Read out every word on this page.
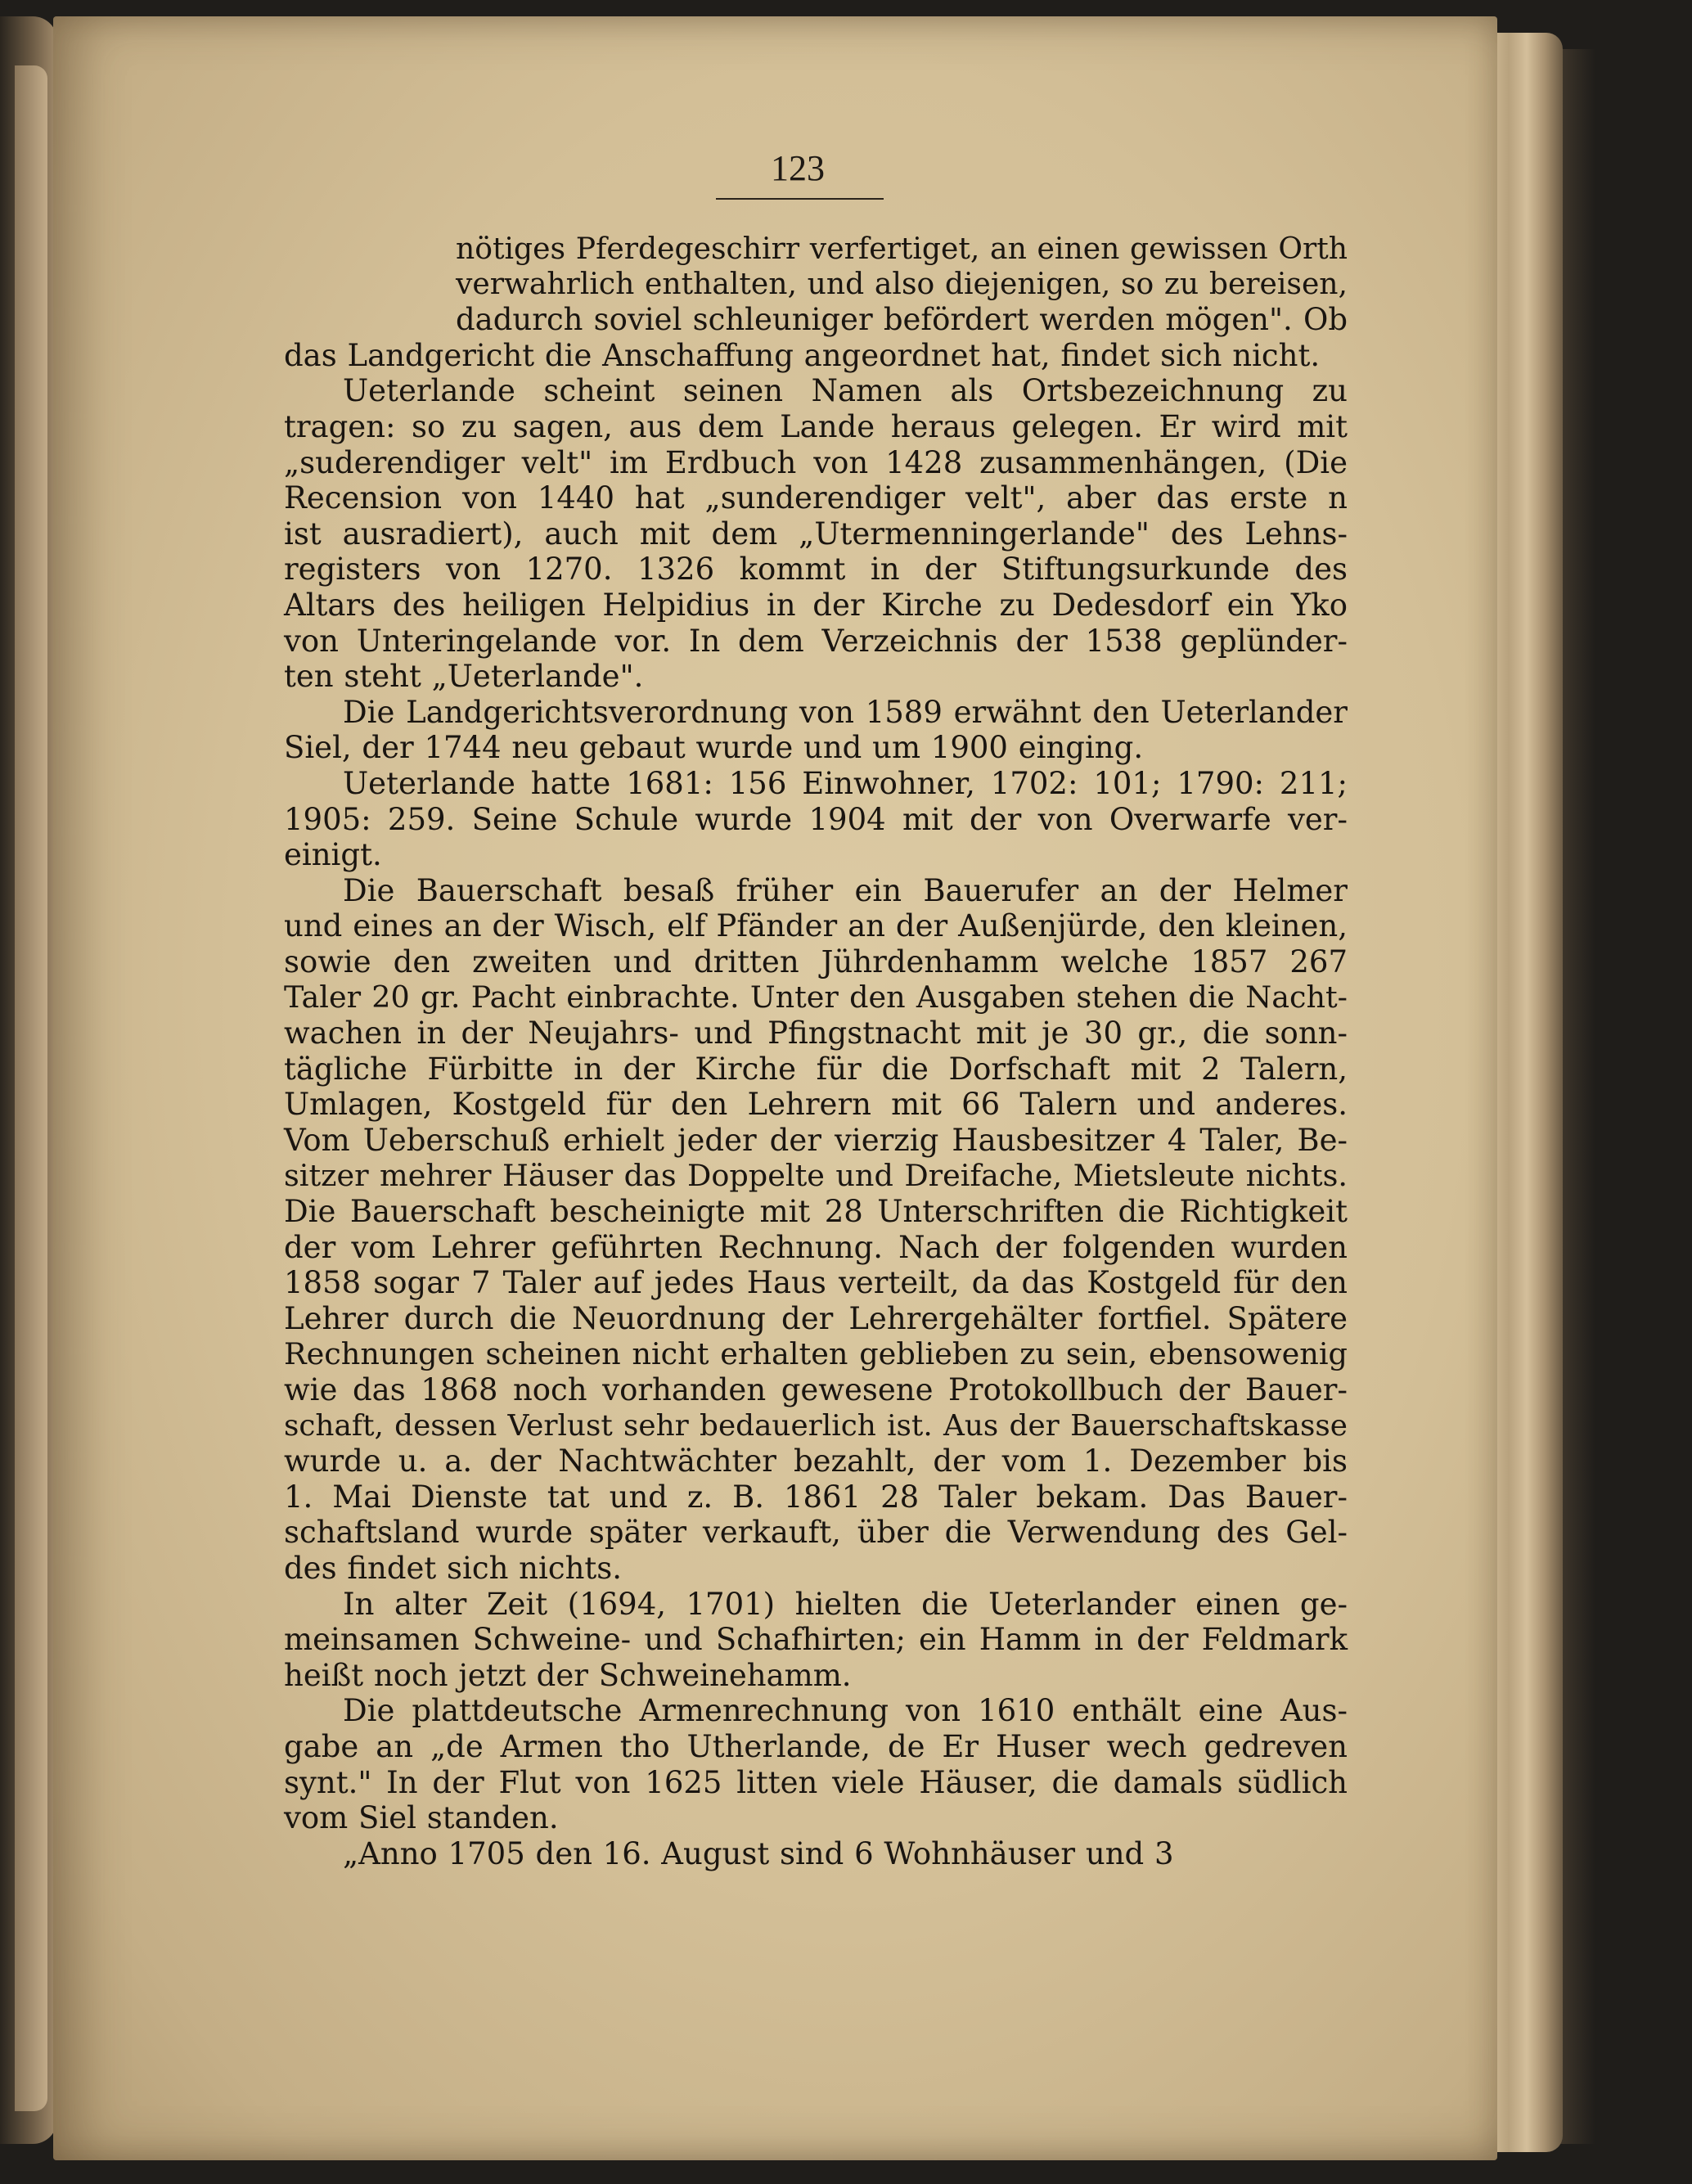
123
nötiges Pferdegeschirr verfertiget, an einen gewissen Orth
verwahrlich enthalten, und also diejenigen, so zu bereisen,
dadurch soviel schleuniger befördert werden mögen". Ob
das Landgericht die Anschaffung angeordnet hat, findet sich nicht.
Ueterlande scheint seinen Namen als Ortsbezeichnung zu
tragen: so zu sagen, aus dem Lande heraus gelegen. Er wird mit
„suderendiger velt" im Erdbuch von 1428 zusammenhängen, (Die
Recension von 1440 hat „sunderendiger velt", aber das erste n
ist ausradiert), auch mit dem „Utermenningerlande" des Lehns-
registers von 1270. 1326 kommt in der Stiftungsurkunde des
Altars des heiligen Helpidius in der Kirche zu Dedesdorf ein Yko
von Unteringelande vor. In dem Verzeichnis der 1538 geplünder-
ten steht „Ueterlande".
Die Landgerichtsverordnung von 1589 erwähnt den Ueterlander
Siel, der 1744 neu gebaut wurde und um 1900 einging.
Ueterlande hatte 1681: 156 Einwohner, 1702: 101; 1790: 211;
1905: 259. Seine Schule wurde 1904 mit der von Overwarfe ver-
einigt.
Die Bauerschaft besaß früher ein Bauerufer an der Helmer
und eines an der Wisch, elf Pfänder an der Außenjürde, den kleinen,
sowie den zweiten und dritten Jührdenhamm welche 1857 267
Taler 20 gr. Pacht einbrachte. Unter den Ausgaben stehen die Nacht-
wachen in der Neujahrs- und Pfingstnacht mit je 30 gr., die sonn-
tägliche Fürbitte in der Kirche für die Dorfschaft mit 2 Talern,
Umlagen, Kostgeld für den Lehrern mit 66 Talern und anderes.
Vom Ueberschuß erhielt jeder der vierzig Hausbesitzer 4 Taler, Be-
sitzer mehrer Häuser das Doppelte und Dreifache, Mietsleute nichts.
Die Bauerschaft bescheinigte mit 28 Unterschriften die Richtigkeit
der vom Lehrer geführten Rechnung. Nach der folgenden wurden
1858 sogar 7 Taler auf jedes Haus verteilt, da das Kostgeld für den
Lehrer durch die Neuordnung der Lehrergehälter fortfiel. Spätere
Rechnungen scheinen nicht erhalten geblieben zu sein, ebensowenig
wie das 1868 noch vorhanden gewesene Protokollbuch der Bauer-
schaft, dessen Verlust sehr bedauerlich ist. Aus der Bauerschaftskasse
wurde u. a. der Nachtwächter bezahlt, der vom 1. Dezember bis
1. Mai Dienste tat und z. B. 1861 28 Taler bekam. Das Bauer-
schaftsland wurde später verkauft, über die Verwendung des Gel-
des findet sich nichts.
In alter Zeit (1694, 1701) hielten die Ueterlander einen ge-
meinsamen Schweine- und Schafhirten; ein Hamm in der Feldmark
heißt noch jetzt der Schweinehamm.
Die plattdeutsche Armenrechnung von 1610 enthält eine Aus-
gabe an „de Armen tho Utherlande, de Er Huser wech gedreven
synt." In der Flut von 1625 litten viele Häuser, die damals südlich
vom Siel standen.
„Anno 1705 den 16. August sind 6 Wohnhäuser und 3
